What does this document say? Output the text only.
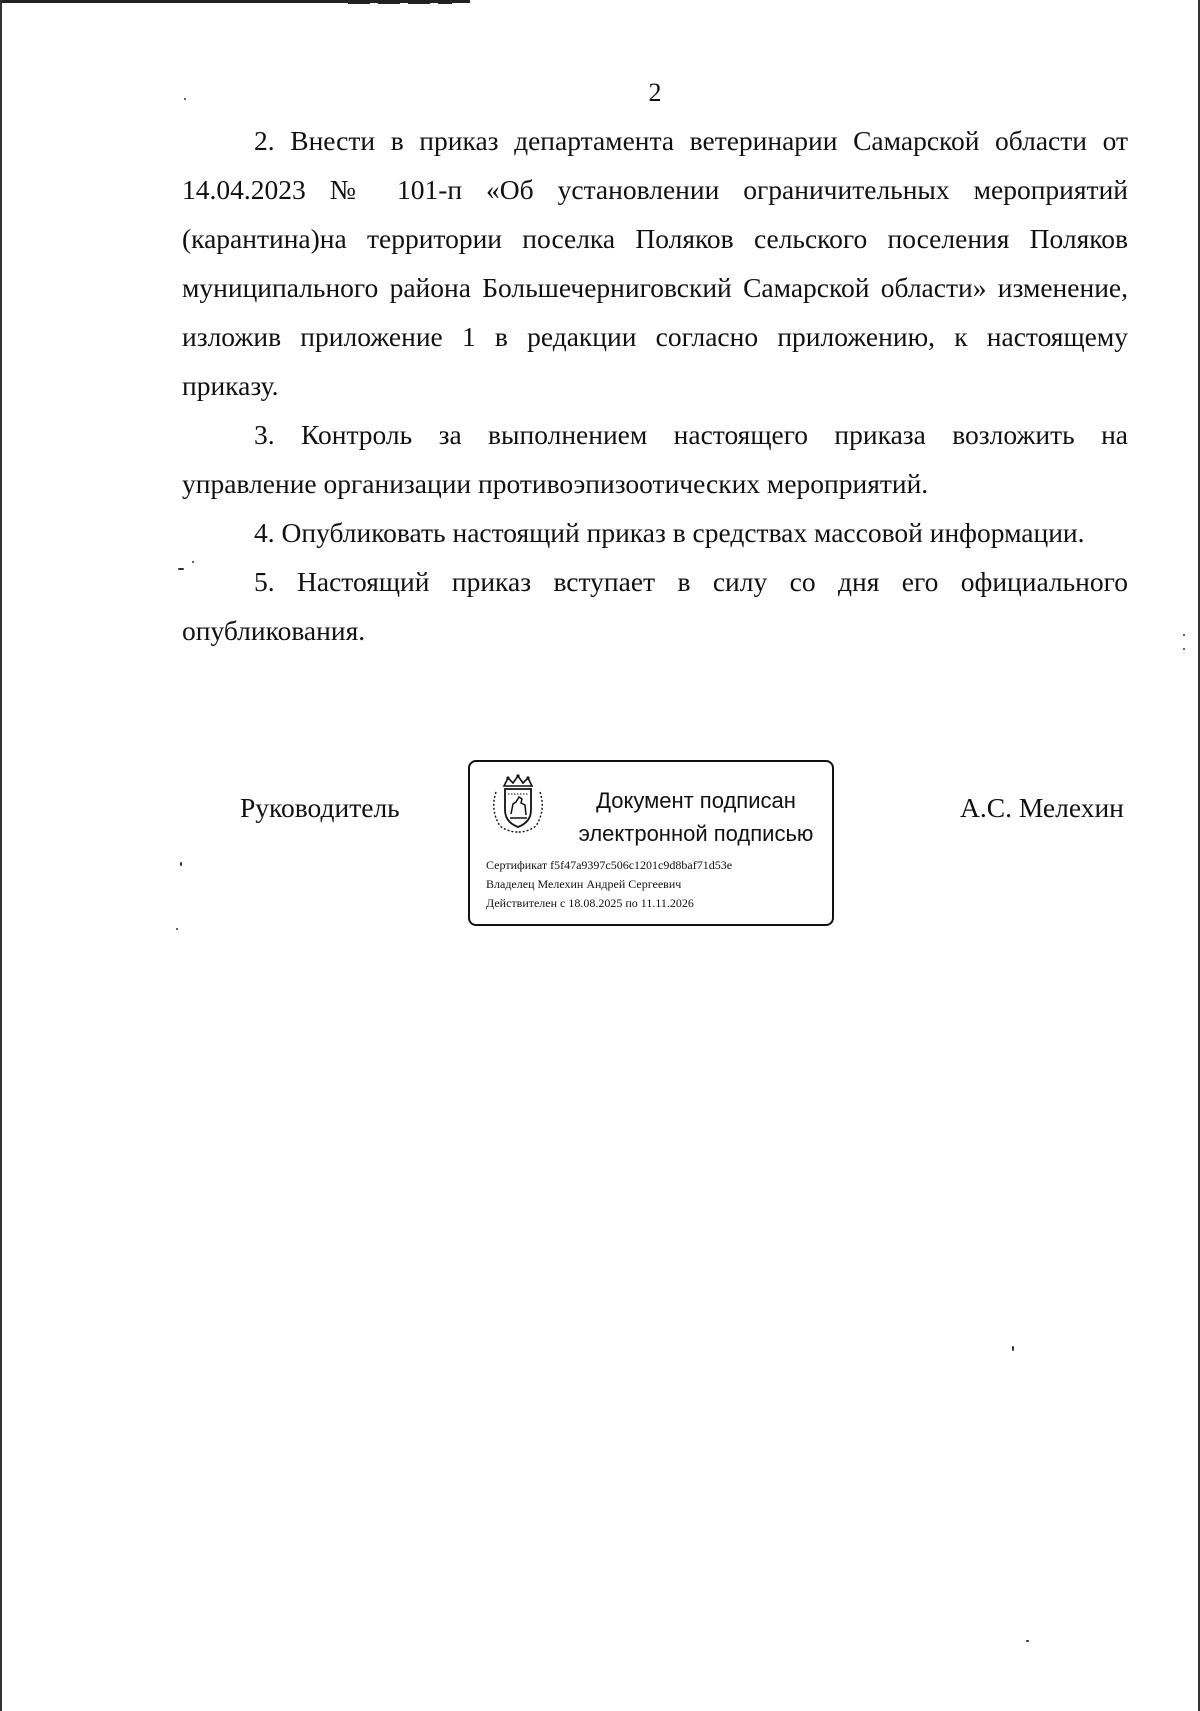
2

2. Внести в приказ департамента ветеринарии Самарской области от 14.04.2023 № 101-п «Об установлении ограничительных мероприятий (карантина)на территории поселка Поляков сельского поселения Поляков муниципального района Большечерниговский Самарской области» изменение, изложив приложение 1 в редакции согласно приложению, к настоящему приказу.

3. Контроль за выполнением настоящего приказа возложить на управление организации противоэпизоотических мероприятий.

4. Опубликовать настоящий приказ в средствах массовой информации.

5. Настоящий приказ вступает в силу со дня его официального опубликования.

Руководитель	Документ подписан
электронной подписью
Сертификат f5f47a9397c506c1201c9d8baf71d53e
Владелец Мелехин Андрей Сергеевич
Действителен с 18.08.2025 по 11.11.2026
А.С. Мелехин
